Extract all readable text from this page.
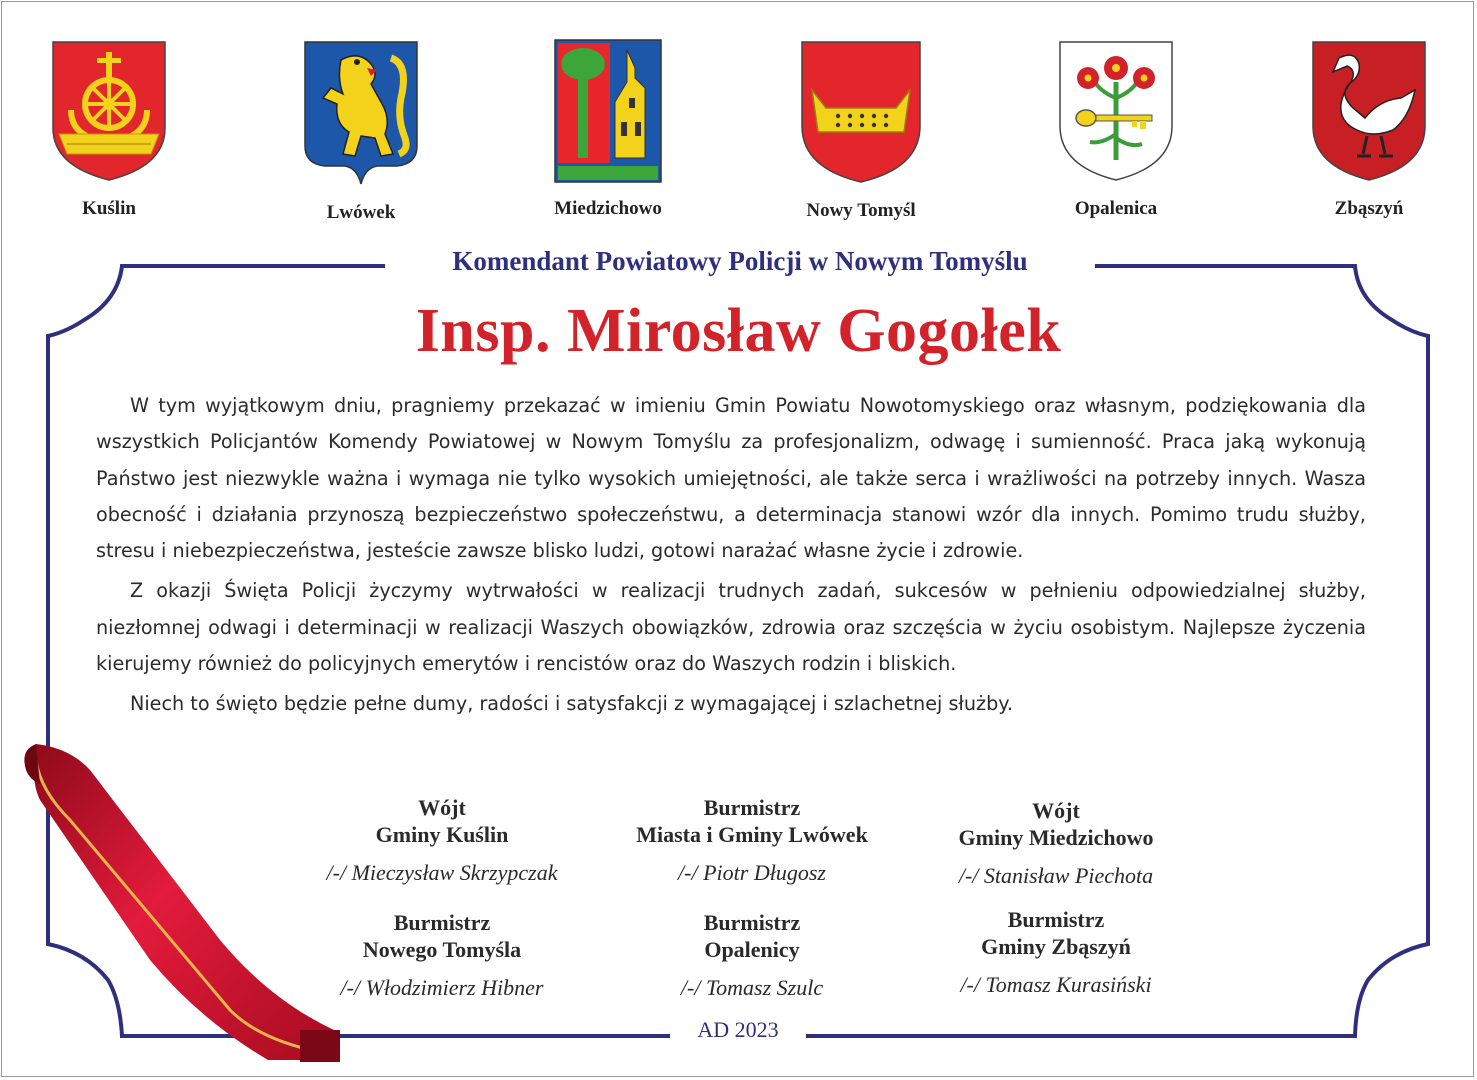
Kuślin	Lwówek	Miedzichowo	Nowy Tomyśl	Opalenica	Zbąszyń
Komendant Powiatowy Policji w Nowym Tomyślu
Insp. Mirosław Gogołek

W tym wyjątkowym dniu, pragniemy przekazać w imieniu Gmin Powiatu Nowotomyskiego oraz własnym, podziękowania dla wszystkich Policjantów Komendy Powiatowej w Nowym Tomyślu za profesjonalizm, odwagę i sumienność. Praca jaką wykonują Państwo jest niezwykle ważna i wymaga nie tylko wysokich umiejętności, ale także serca i wrażliwości na potrzeby innych. Wasza obecność i działania przynoszą bezpieczeństwo społeczeństwu, a determinacja stanowi wzór dla innych. Pomimo trudu służby, stresu i niebezpieczeństwa, jesteście zawsze blisko ludzi, gotowi narażać własne życie i zdrowie.

Z okazji Święta Policji życzymy wytrwałości w realizacji trudnych zadań, sukcesów w pełnieniu odpowiedzialnej służby, niezłomnej odwagi i determinacji w realizacji Waszych obowiązków, zdrowia oraz szczęścia w życiu osobistym. Najlepsze życzenia kierujemy również do policyjnych emerytów i rencistów oraz do Waszych rodzin i bliskich.

Niech to święto będzie pełne dumy, radości i satysfakcji z wymagającej i szlachetnej służby.

Wójt
Gminy Kuślin
/-/ Mieczysław Skrzypczak
Burmistrz
Miasta i Gminy Lwówek
/-/ Piotr Długosz
Wójt
Gminy Miedzichowo
/-/ Stanisław Piechota
Burmistrz
Nowego Tomyśla
/-/ Włodzimierz Hibner
Burmistrz
Opalenicy
/-/ Tomasz Szulc
Burmistrz
Gminy Zbąszyń
/-/ Tomasz Kurasiński
AD 2023
